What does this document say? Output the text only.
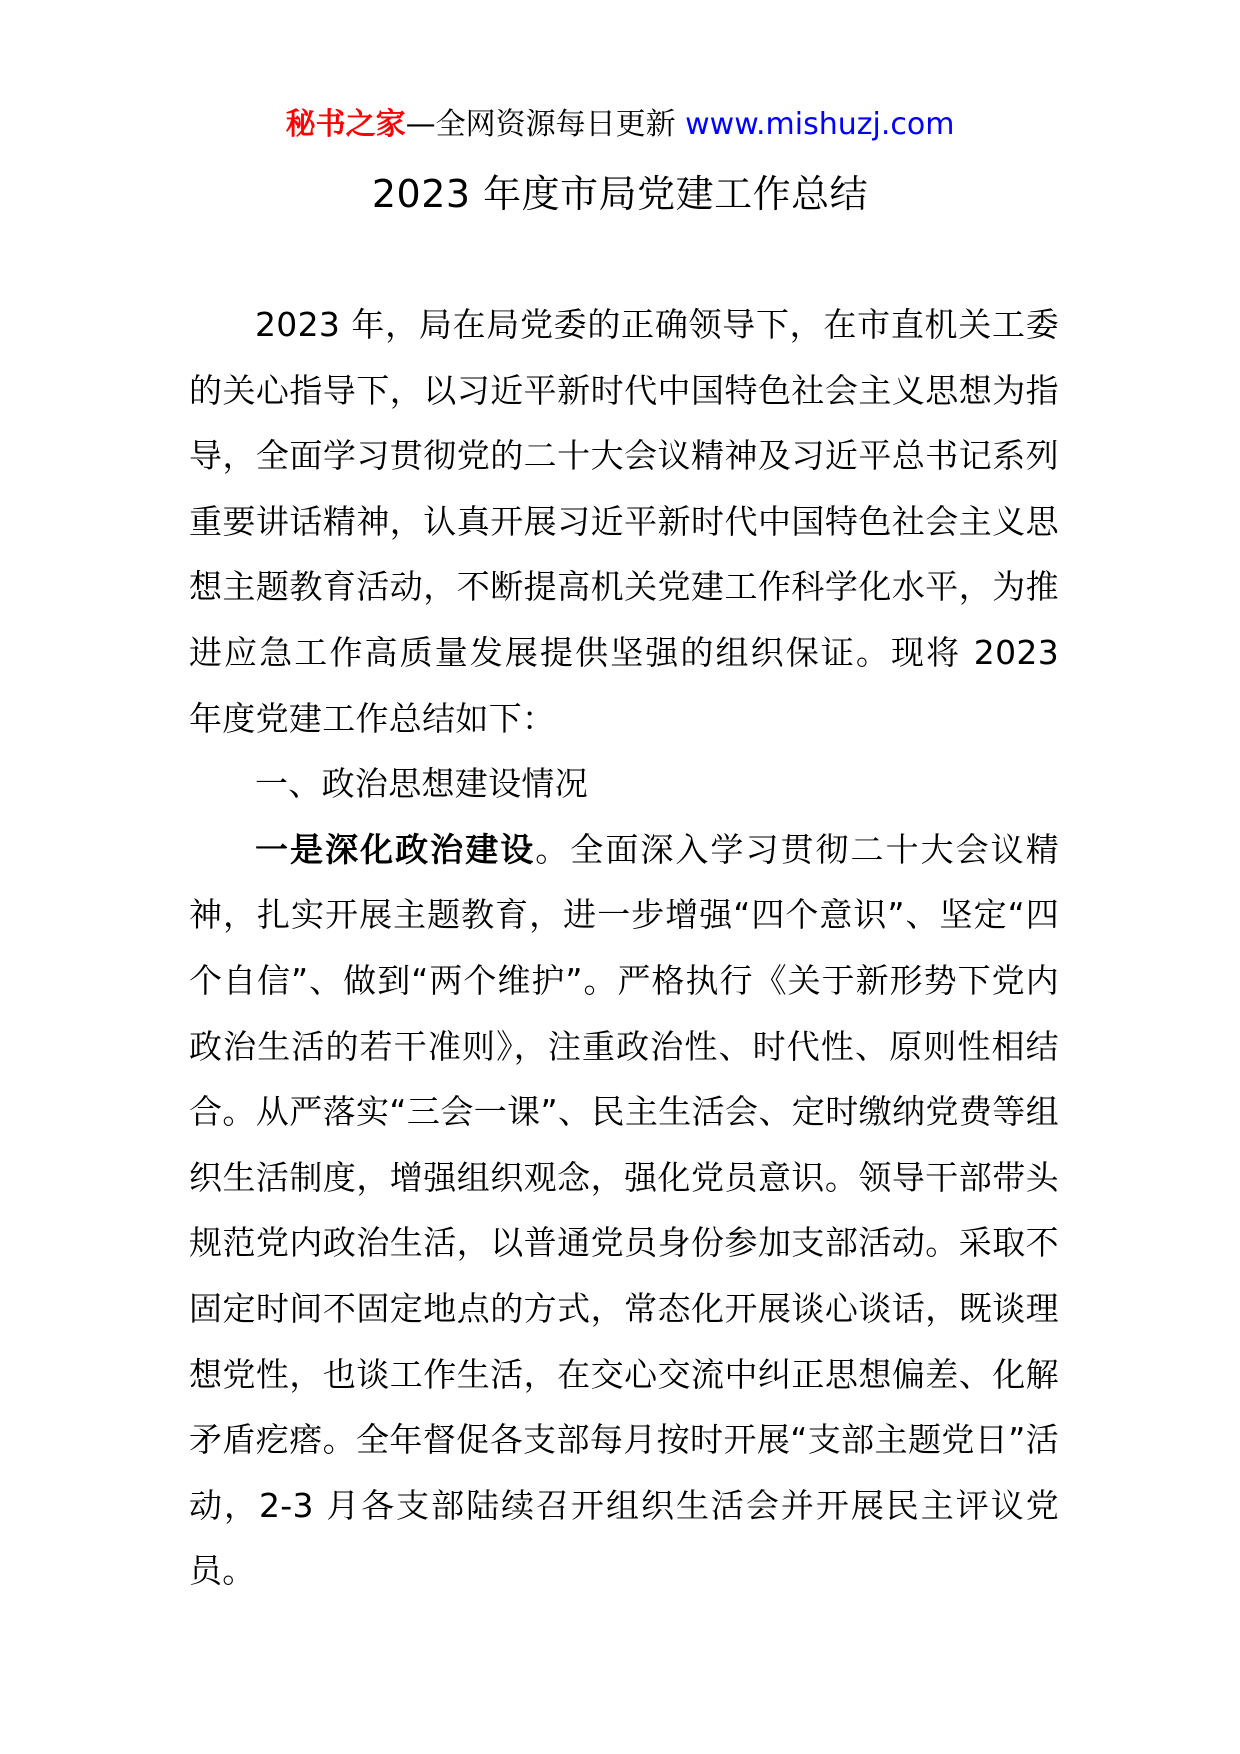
秘书之家—全网资源每日更新 www.mishuzj.com
2023 年度市局党建工作总结

2023 年，局在局党委的正确领导下，在市直机关工委的关心指导下，以习近平新时代中国特色社会主义思想为指导，全面学习贯彻党的二十大会议精神及习近平总书记系列重要讲话精神，认真开展习近平新时代中国特色社会主义思想主题教育活动，不断提高机关党建工作科学化水平，为推进应急工作高质量发展提供坚强的组织保证。现将 2023 年度党建工作总结如下：

一、政治思想建设情况

一是深化政治建设。全面深入学习贯彻二十大会议精神，扎实开展主题教育，进一步增强“四个意识”、坚定“四个自信”、做到“两个维护”。严格执行《关于新形势下党内政治生活的若干准则》，注重政治性、时代性、原则性相结合。从严落实“三会一课”、民主生活会、定时缴纳党费等组织生活制度，增强组织观念，强化党员意识。领导干部带头规范党内政治生活，以普通党员身份参加支部活动。采取不固定时间不固定地点的方式，常态化开展谈心谈话，既谈理想党性，也谈工作生活，在交心交流中纠正思想偏差、化解矛盾疙瘩。全年督促各支部每月按时开展“支部主题党日”活动，2-3 月各支部陆续召开组织生活会并开展民主评议党员。
